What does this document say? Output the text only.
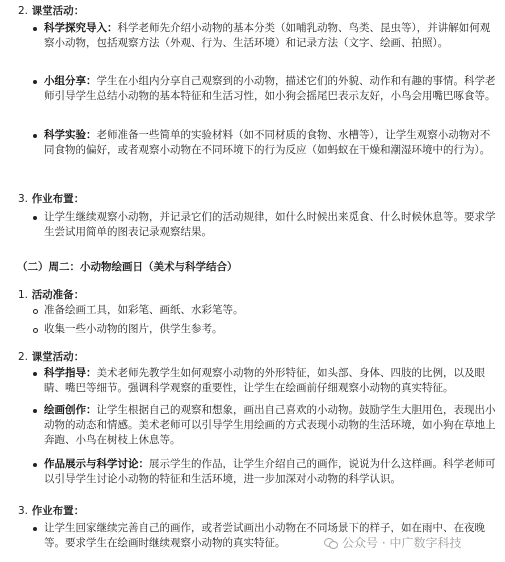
2. 课堂活动：
科学探究导入：科学老师先介绍小动物的基本分类（如哺乳动物、鸟类、昆虫等），并讲解如何观察小动物，包括观察方法（外观、行为、生活环境）和记录方法（文字、绘画、拍照）。
小组分享：学生在小组内分享自己观察到的小动物，描述它们的外貌、动作和有趣的事情。科学老师引导学生总结小动物的基本特征和生活习性，如小狗会摇尾巴表示友好，小鸟会用嘴巴啄食等。
科学实验：老师准备一些简单的实验材料（如不同材质的食物、水槽等），让学生观察小动物对不同食物的偏好，或者观察小动物在不同环境下的行为反应（如蚂蚁在干燥和潮湿环境中的行为）。
3. 作业布置：
让学生继续观察小动物，并记录它们的活动规律，如什么时候出来觅食、什么时候休息等。要求学生尝试用简单的图表记录观察结果。
（二）周二：小动物绘画日（美术与科学结合）
1. 活动准备：
准备绘画工具，如彩笔、画纸、水彩笔等。
收集一些小动物的图片，供学生参考。
2. 课堂活动：
科学指导：美术老师先教学生如何观察小动物的外形特征，如头部、身体、四肢的比例，以及眼睛、嘴巴等细节。强调科学观察的重要性，让学生在绘画前仔细观察小动物的真实特征。
绘画创作：让学生根据自己的观察和想象，画出自己喜欢的小动物。鼓励学生大胆用色，表现出小动物的动态和情感。美术老师可以引导学生用绘画的方式表现小动物的生活环境，如小狗在草地上奔跑、小鸟在树枝上休息等。
作品展示与科学讨论：展示学生的作品，让学生介绍自己的画作，说说为什么这样画。科学老师可以引导学生讨论小动物的特征和生活环境，进一步加深对小动物的科学认识。
3. 作业布置：
让学生回家继续完善自己的画作，或者尝试画出小动物在不同场景下的样子，如在雨中、在夜晚等。要求学生在绘画时继续观察小动物的真实特征。	公众号 · 中广数字科技
